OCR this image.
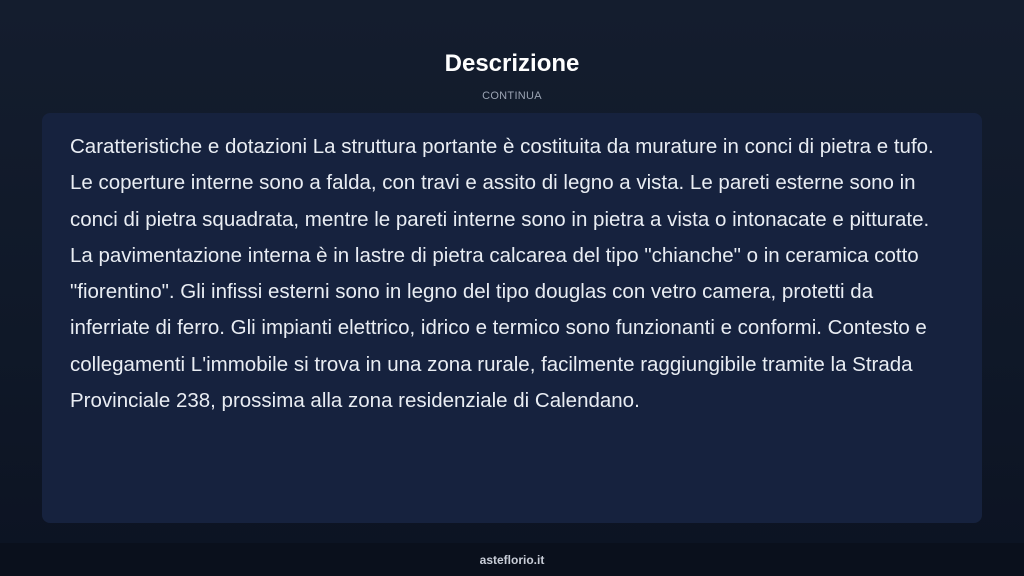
Descrizione
CONTINUA

Caratteristiche e dotazioni La struttura portante è costituita da murature in conci di pietra e tufo. Le coperture interne sono a falda, con travi e assito di legno a vista. Le pareti esterne sono in conci di pietra squadrata, mentre le pareti interne sono in pietra a vista o intonacate e pitturate. La pavimentazione interna è in lastre di pietra calcarea del tipo "chianche" o in ceramica cotto "fiorentino". Gli infissi esterni sono in legno del tipo douglas con vetro camera, protetti da inferriate di ferro. Gli impianti elettrico, idrico e termico sono funzionanti e conformi. Contesto e collegamenti L'immobile si trova in una zona rurale, facilmente raggiungibile tramite la Strada Provinciale 238, prossima alla zona residenziale di Calendano.

asteflorio.it
